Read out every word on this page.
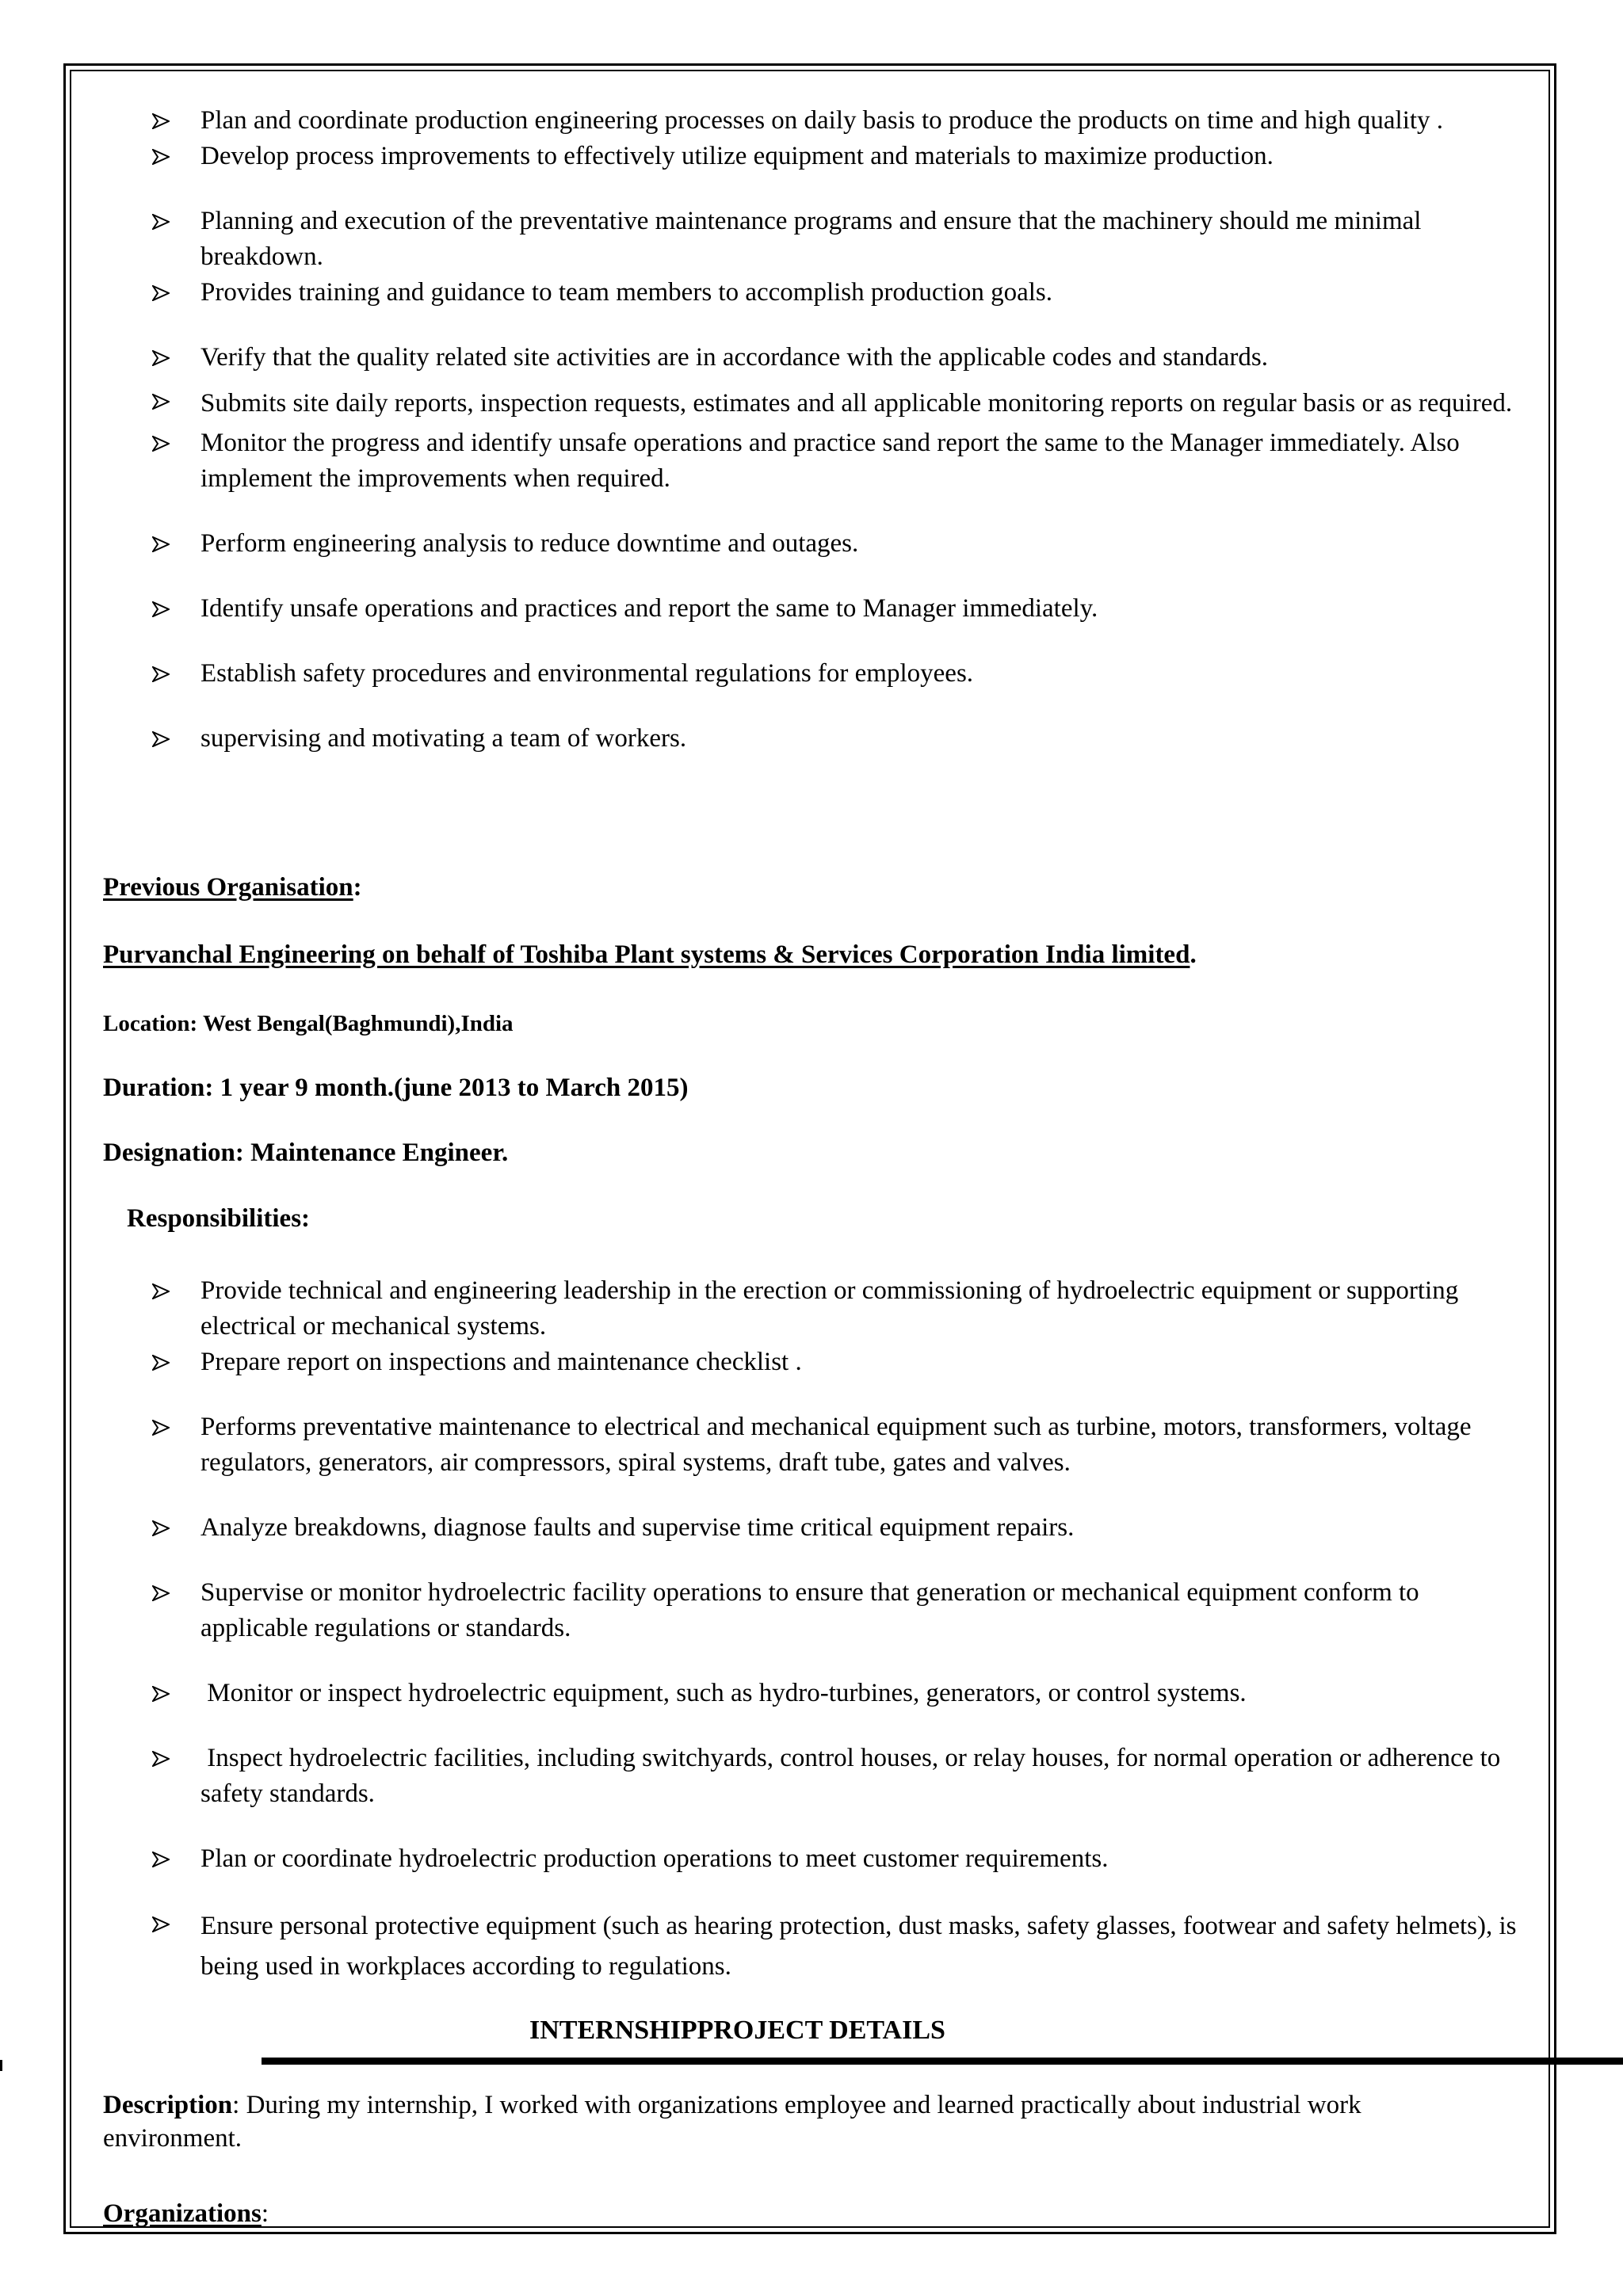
Plan and coordinate production engineering processes on daily basis to produce the products on time and high quality .
Develop process improvements to effectively utilize equipment and materials to maximize production.
Planning and execution of the preventative maintenance programs and ensure that the machinery should me minimal breakdown.
Provides training and guidance to team members to accomplish production goals.
Verify that the quality related site activities are in accordance with the applicable codes and standards.
Submits site daily reports, inspection requests, estimates and all applicable monitoring reports on regular basis or as required.
Monitor the progress and identify unsafe operations and practice sand report the same to the Manager immediately. Also implement the improvements when required.
Perform engineering analysis to reduce downtime and outages.
Identify unsafe operations and practices and report the same to Manager immediately.
Establish safety procedures and environmental regulations for employees.
supervising and motivating a team of workers.
Previous Organisation:
Purvanchal Engineering on behalf of Toshiba Plant systems & Services Corporation India limited.
Location: West Bengal(Baghmundi),India
Duration: 1 year 9 month.(june 2013 to March 2015)
Designation: Maintenance Engineer.
Responsibilities:
Provide technical and engineering leadership in the erection or commissioning of hydroelectric equipment or supporting electrical or mechanical systems.
Prepare report on inspections and maintenance checklist .
Performs preventative maintenance to electrical and mechanical equipment such as turbine, motors, transformers, voltage regulators, generators, air compressors, spiral systems, draft tube, gates and valves.
Analyze breakdowns, diagnose faults and supervise time critical equipment repairs.
Supervise or monitor hydroelectric facility operations to ensure that generation or mechanical equipment conform to applicable regulations or standards.
Monitor or inspect hydroelectric equipment, such as hydro-turbines, generators, or control systems.
Inspect hydroelectric facilities, including switchyards, control houses, or relay houses, for normal operation or adherence to safety standards.
Plan or coordinate hydroelectric production operations to meet customer requirements.
Ensure personal protective equipment (such as hearing protection, dust masks, safety glasses, footwear and safety helmets), is being used in workplaces according to regulations.
INTERNSHIPPROJECT DETAILS
Description: During my internship, I worked with organizations employee and learned practically about industrial work environment.
Organizations:
